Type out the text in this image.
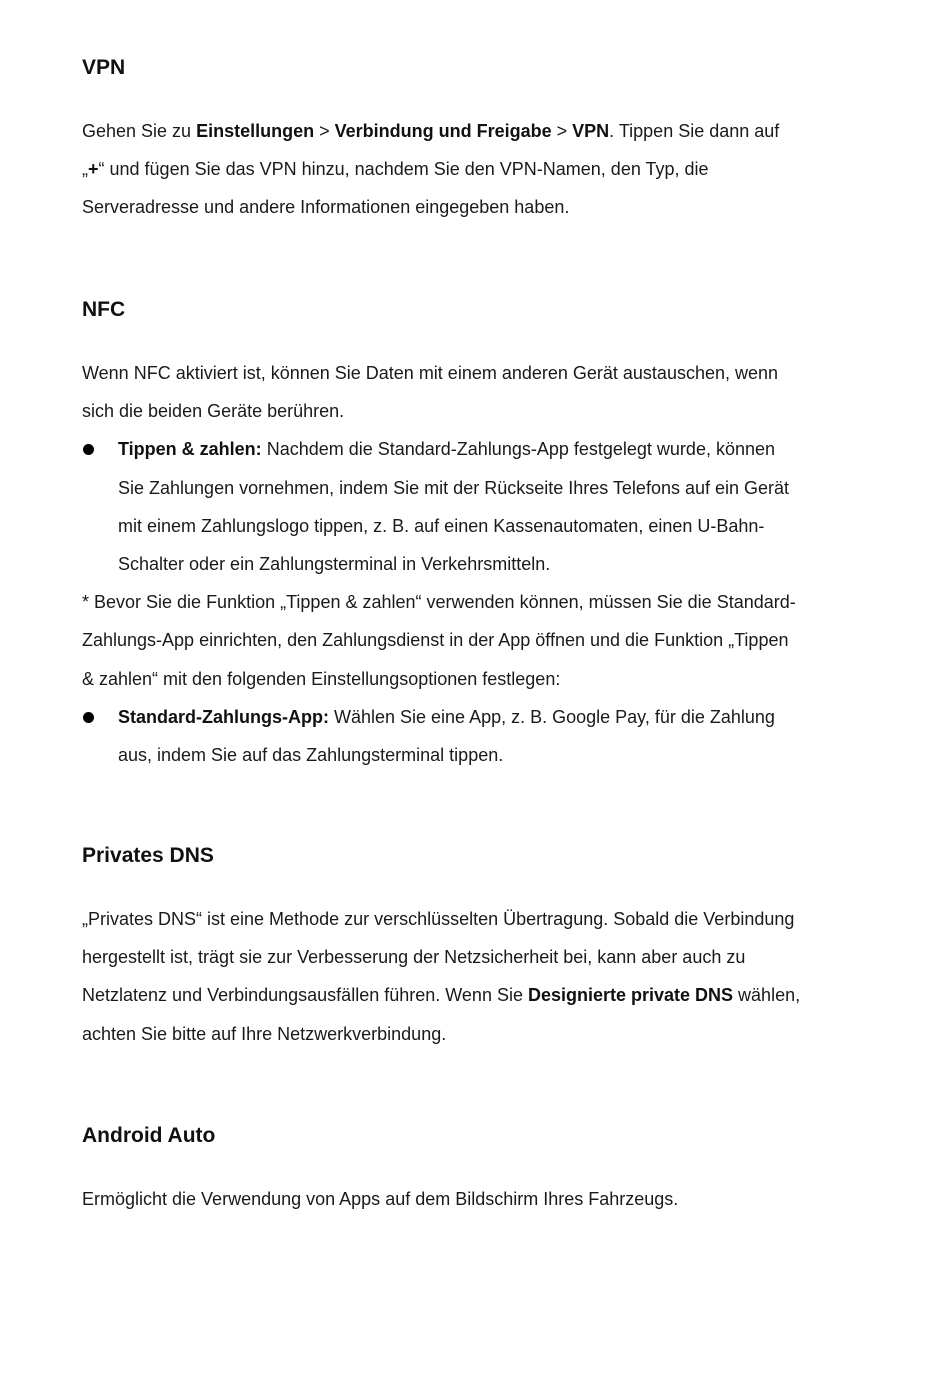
VPN

Gehen Sie zu Einstellungen > Verbindung und Freigabe > VPN. Tippen Sie dann auf „+“ und fügen Sie das VPN hinzu, nachdem Sie den VPN-Namen, den Typ, die Serveradresse und andere Informationen eingegeben haben.

NFC

Wenn NFC aktiviert ist, können Sie Daten mit einem anderen Gerät austauschen, wenn sich die beiden Geräte berühren.

Tippen & zahlen: Nachdem die Standard-Zahlungs-App festgelegt wurde, können Sie Zahlungen vornehmen, indem Sie mit der Rückseite Ihres Telefons auf ein Gerät mit einem Zahlungslogo tippen, z. B. auf einen Kassenautomaten, einen U-Bahn-Schalter oder ein Zahlungsterminal in Verkehrsmitteln.

* Bevor Sie die Funktion „Tippen & zahlen“ verwenden können, müssen Sie die Standard-Zahlungs-App einrichten, den Zahlungsdienst in der App öffnen und die Funktion „Tippen & zahlen“ mit den folgenden Einstellungsoptionen festlegen:

Standard-Zahlungs-App: Wählen Sie eine App, z. B. Google Pay, für die Zahlung aus, indem Sie auf das Zahlungsterminal tippen.
Privates DNS

„Privates DNS“ ist eine Methode zur verschlüsselten Übertragung. Sobald die Verbindung hergestellt ist, trägt sie zur Verbesserung der Netzsicherheit bei, kann aber auch zu Netzlatenz und Verbindungsausfällen führen. Wenn Sie Designierte private DNS wählen, achten Sie bitte auf Ihre Netzwerkverbindung.

Android Auto

Ermöglicht die Verwendung von Apps auf dem Bildschirm Ihres Fahrzeugs.
